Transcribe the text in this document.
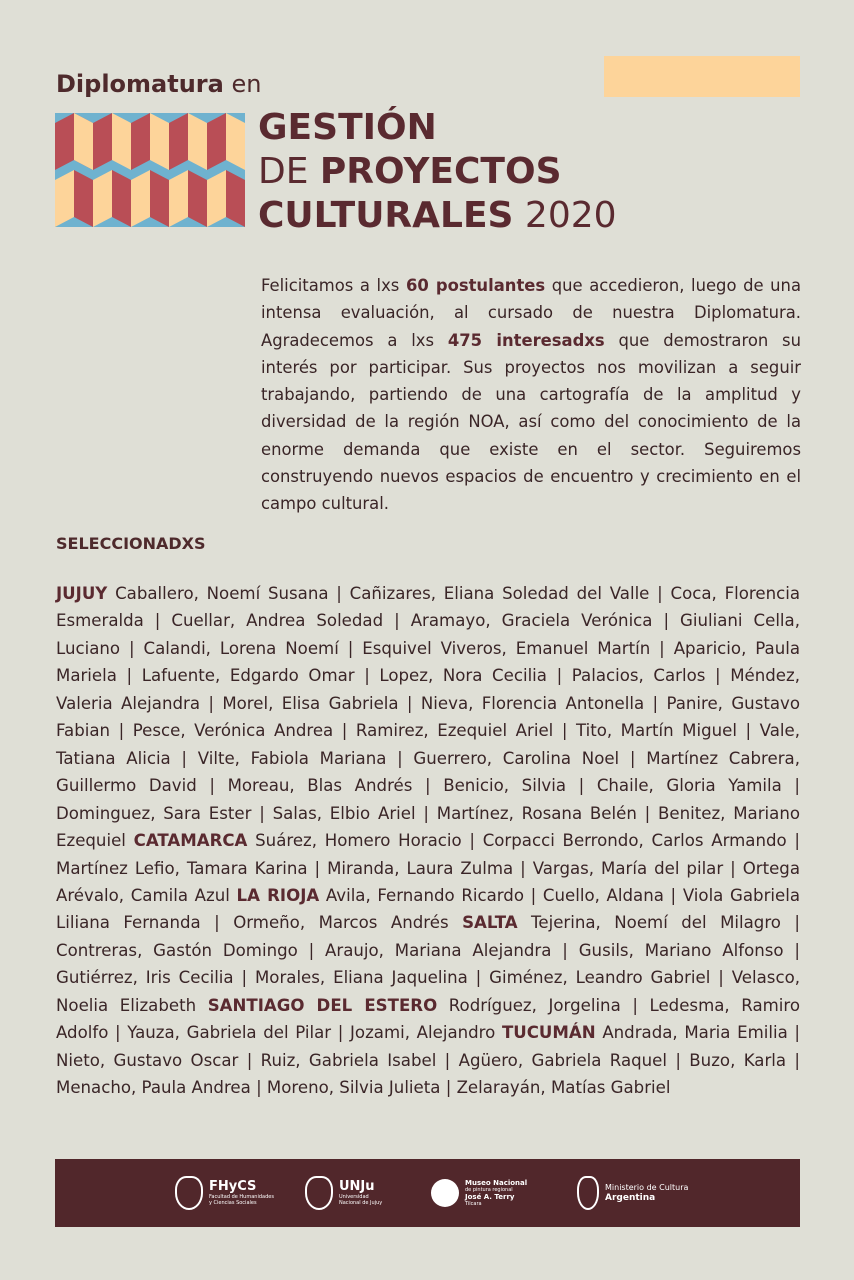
Diplomatura en
GESTIÓN
DE PROYECTOS
CULTURALES 2020
Felicitamos a lxs 60 postulantes que accedieron, luego de una intensa evaluación, al cursado de nuestra Diplomatura. Agradecemos a lxs 475 interesadxs que demostraron su interés por participar. Sus proyectos nos movilizan a seguir trabajando, partiendo de una cartografía de la amplitud y diversidad de la región NOA, así como del conocimiento de la enorme demanda que existe en el sector. Seguiremos construyendo nuevos espacios de encuentro y crecimiento en el campo cultural.
SELECCIONADXS
JUJUY Caballero, Noemí Susana | Cañizares, Eliana Soledad del Valle | Coca, Florencia Esmeralda | Cuellar, Andrea Soledad | Aramayo, Graciela Verónica | Giuliani Cella, Luciano | Calandi, Lorena Noemí | Esquivel Viveros, Emanuel Martín | Aparicio, Paula Mariela | Lafuente, Edgardo Omar | Lopez, Nora Cecilia | Palacios, Carlos | Méndez, Valeria Alejandra | Morel, Elisa Gabriela | Nieva, Florencia Antonella | Panire, Gustavo Fabian | Pesce, Verónica Andrea | Ramirez, Ezequiel Ariel | Tito, Martín Miguel | Vale, Tatiana Alicia | Vilte, Fabiola Mariana | Guerrero, Carolina Noel | Martínez Cabrera, Guillermo David | Moreau, Blas Andrés | Benicio, Silvia | Chaile, Gloria Yamila | Dominguez, Sara Ester | Salas, Elbio Ariel | Martínez, Rosana Belén | Benitez, Mariano Ezequiel CATAMARCA Suárez, Homero Horacio | Corpacci Berrondo, Carlos Armando | Martínez Lefio, Tamara Karina | Miranda, Laura Zulma | Vargas, María del pilar | Ortega Arévalo, Camila Azul LA RIOJA Avila, Fernando Ricardo | Cuello, Aldana | Viola Gabriela Liliana Fernanda | Ormeño, Marcos Andrés SALTA Tejerina, Noemí del Milagro | Contreras, Gastón Domingo | Araujo, Mariana Alejandra | Gusils, Mariano Alfonso | Gutiérrez, Iris Cecilia | Morales, Eliana Jaquelina | Giménez, Leandro Gabriel | Velasco, Noelia Elizabeth SANTIAGO DEL ESTERO Rodríguez, Jorgelina | Ledesma, Ramiro Adolfo | Yauza, Gabriela del Pilar | Jozami, Alejandro TUCUMÁN Andrada, Maria Emilia | Nieto, Gustavo Oscar | Ruiz, Gabriela Isabel | Agüero, Gabriela Raquel | Buzo, Karla | Menacho, Paula Andrea | Moreno, Silvia Julieta | Zelarayán, Matías Gabriel
FHyCS
Facultad de Humanidades
y Ciencias Sociales
UNJu
Universidad
Nacional de Jujuy
Museo Nacional
de pintura regional
José A. Terry
Tilcara
Ministerio de Cultura
Argentina
